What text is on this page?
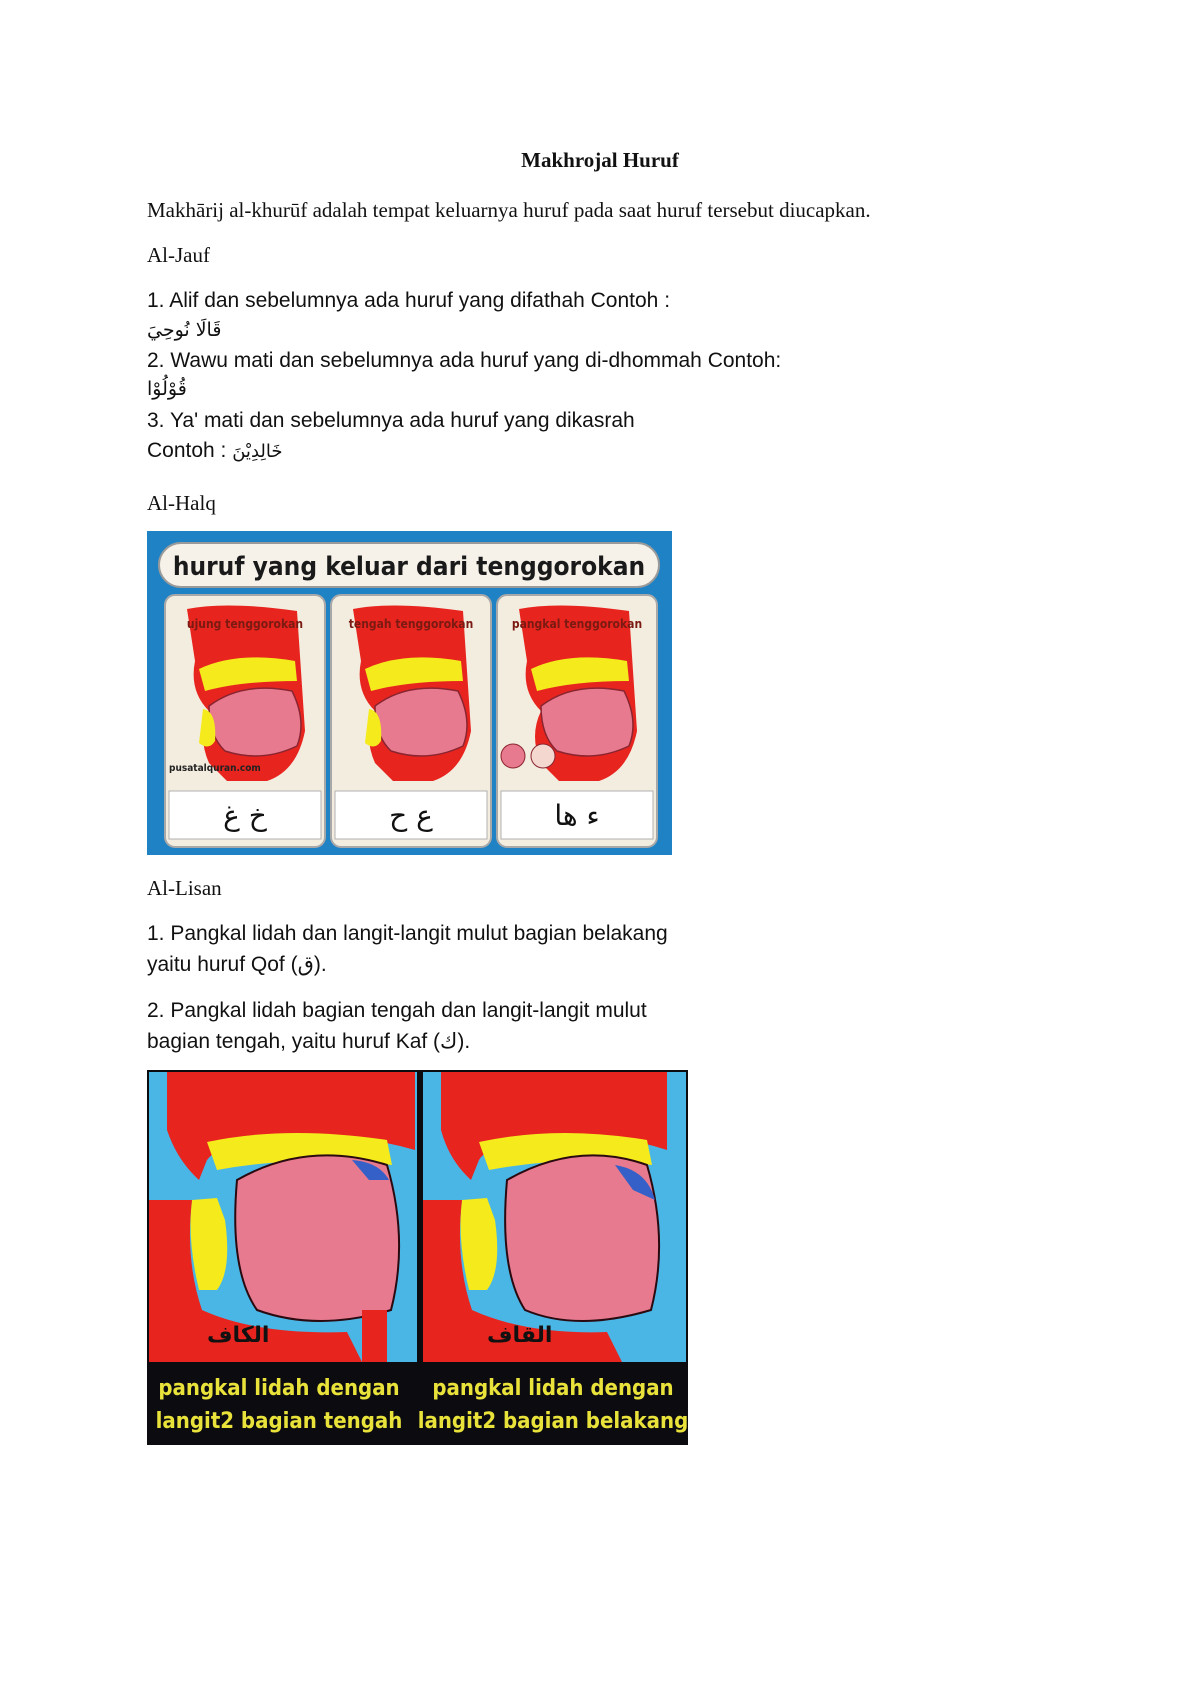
Makhrojal Huruf
Makhārij al-khurūf adalah tempat keluarnya huruf pada saat huruf tersebut diucapkan.
Al-Jauf
1. Alif dan sebelumnya ada huruf yang difathah Contoh :
قَالَا نُوحِيَ
2. Wawu mati dan sebelumnya ada huruf yang di-dhommah Contoh:
قُوْلُوْا
3. Ya' mati dan sebelumnya ada huruf yang dikasrah
Contoh : خَالِدِيْنَ
Al-Halq
huruf yang keluar dari tenggorokan
ujung tenggorokan
pusatalquran.com
خ غ
tengah tenggorokan
ع ح
pangkal tenggorokan
ء ها
Al-Lisan
1. Pangkal lidah dan langit-langit mulut bagian belakang
yaitu huruf Qof (ق).
2. Pangkal lidah bagian tengah dan langit-langit mulut
bagian tengah, yaitu huruf Kaf (ك).
الكاف
pangkal lidah dengan
langit2 bagian tengah
القاف
pangkal lidah dengan
langit2 bagian belakang
